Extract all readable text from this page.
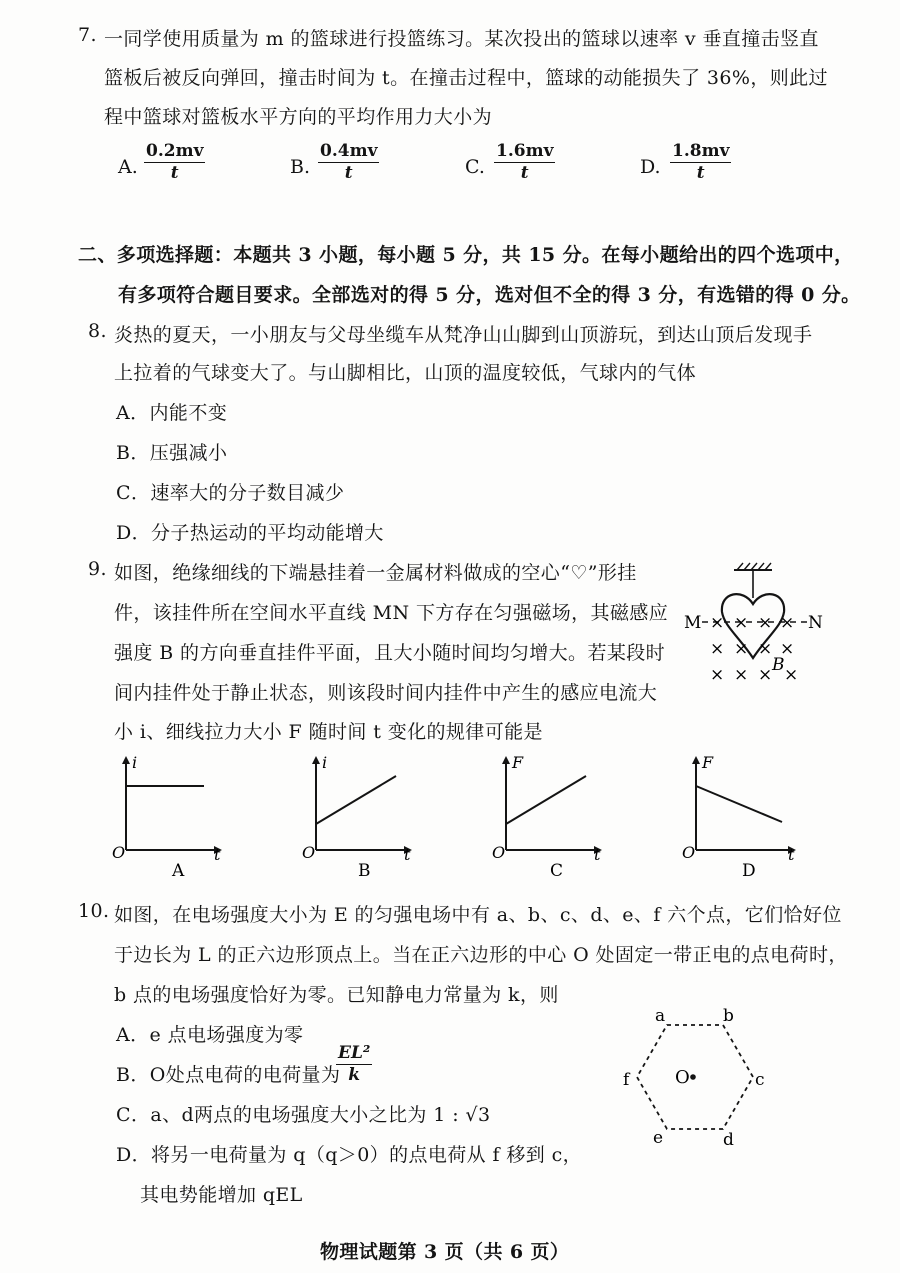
7. 一同学使用质量为 m 的篮球进行投篮练习。某次投出的篮球以速率 v 垂直撞击竖直
篮板后被反向弹回，撞击时间为 t。在撞击过程中，篮球的动能损失了 36%，则此过
程中篮球对篮板水平方向的平均作用力大小为
A. $\frac{0.2mv}{t}$	B. $\frac{0.4mv}{t}$	C. $\frac{1.6mv}{t}$	D. $\frac{1.8mv}{t}$
二、多项选择题：本题共 3 小题，每小题 5 分，共 15 分。在每小题给出的四个选项中，
有多项符合题目要求。全部选对的得 5 分，选对但不全的得 3 分，有选错的得 0 分。
8. 炎热的夏天，一小朋友与父母坐缆车从梵净山山脚到山顶游玩，到达山顶后发现手
上拉着的气球变大了。与山脚相比，山顶的温度较低，气球内的气体
A．内能不变
B．压强减小
C．速率大的分子数目减少
D．分子热运动的平均动能增大
9. 如图，绝缘细线的下端悬挂着一金属材料做成的空心“♡”形挂
件，该挂件所在空间水平直线 MN 下方存在匀强磁场，其磁感应
强度 B 的方向垂直挂件平面，且大小随时间均匀增大。若某段时
间内挂件处于静止状态，则该段时间内挂件中产生的感应电流大
小 i、细线拉力大小 F 随时间 t 变化的规律可能是
M	N
× × × ×
× × × ×
× × × ×
B
i
O	t
A
i
O	t
B
F
O	t
C
F
O	t
D
10. 如图，在电场强度大小为 E 的匀强电场中有 a、b、c、d、e、f 六个点，它们恰好位
于边长为 L 的正六边形顶点上。当在正六边形的中心 O 处固定一带正电的点电荷时，
b 点的电场强度恰好为零。已知静电力常量为 k，则
A．e 点电场强度为零
B．O处点电荷的电荷量为
$\frac{\text{EL²}}{k}$
C．a、d两点的电场强度大小之比为 1 : √3
D．将另一电荷量为 q（q＞0）的点电荷从 f 移到 c，
其电势能增加 qEL
a	b
c
d
e
f	O
物理试题第 3 页（共 6 页）
